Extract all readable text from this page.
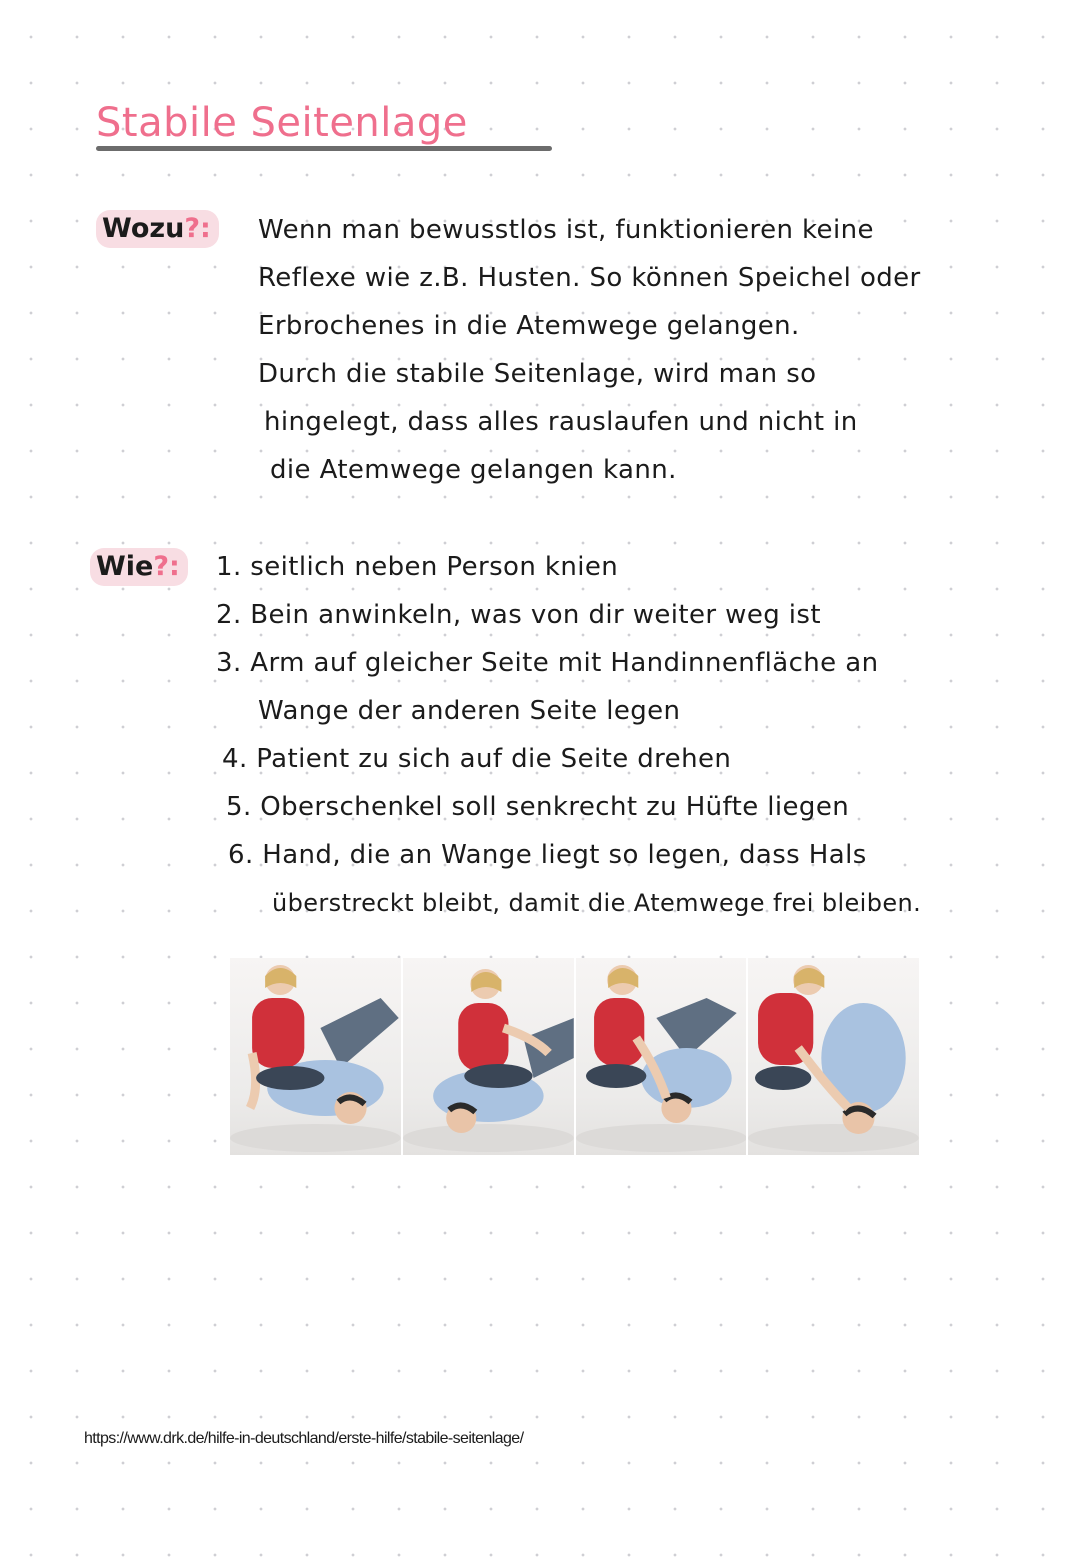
Stabile Seitenlage
Wozu?:	Wenn man bewusstlos ist, funktionieren keine
Reflexe wie z.B. Husten. So können Speichel oder
Erbrochenes in die Atemwege gelangen.
Durch die stabile Seitenlage, wird man so
hingelegt, dass alles rauslaufen und nicht in
die Atemwege gelangen kann.
Wie?:	1. seitlich neben Person knien
2. Bein anwinkeln, was von dir weiter weg ist
3. Arm auf gleicher Seite mit Handinnenfläche an
Wange der anderen Seite legen
4. Patient zu sich auf die Seite drehen
5. Oberschenkel soll senkrecht zu Hüfte liegen
6. Hand, die an Wange liegt so legen, dass Hals
überstreckt bleibt, damit die Atemwege frei bleiben.
https://www.drk.de/hilfe-in-deutschland/erste-hilfe/stabile-seitenlage/
